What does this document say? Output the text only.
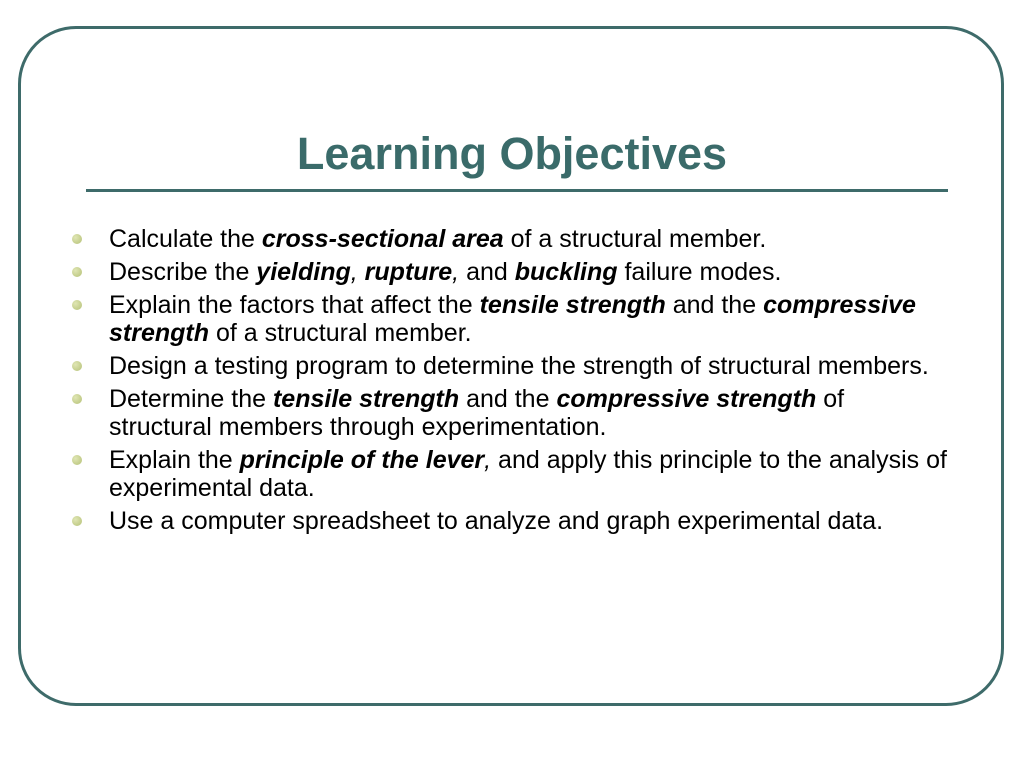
Learning Objectives
Calculate the cross-sectional area of a structural member.
Describe the yielding, rupture, and buckling failure modes.
Explain the factors that affect the tensile strength and the compressive strength of a structural member.
Design a testing program to determine the strength of structural members.
Determine the tensile strength and the compressive strength of structural members through experimentation.
Explain the principle of the lever, and apply this principle to the analysis of experimental data.
Use a computer spreadsheet to analyze and graph experimental data.
